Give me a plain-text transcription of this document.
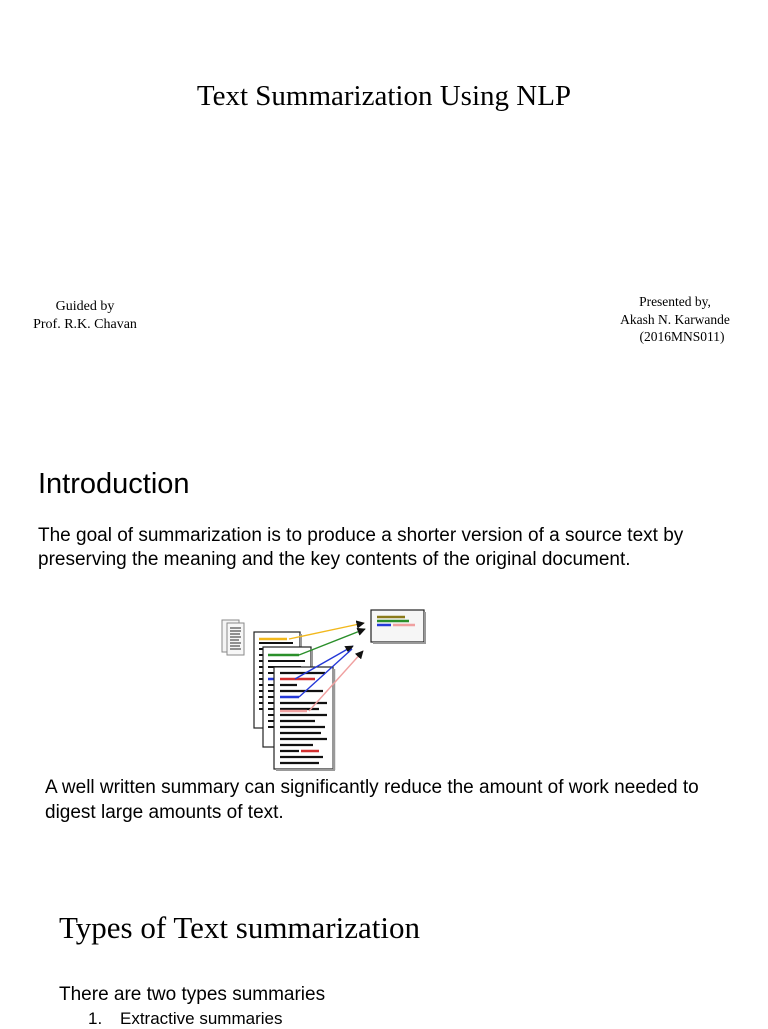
Text Summarization Using NLP
Guided by
Prof. R.K. Chavan
Presented by,
Akash N. Karwande
(2016MNS011)
Introduction
The goal of summarization is to produce a shorter version of a source text by preserving the meaning and the key contents of the original document.
A well written summary can significantly reduce the amount of work needed to digest large amounts of text.
Types of Text summarization
There are two types summaries
1. Extractive summaries
